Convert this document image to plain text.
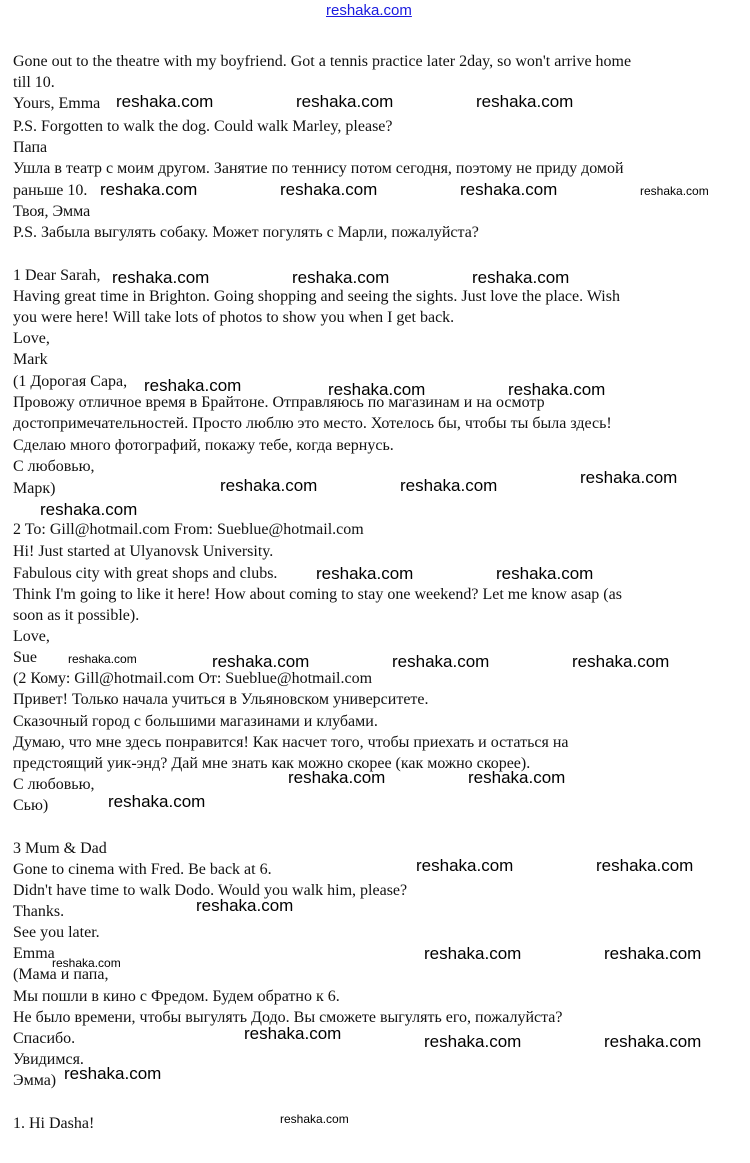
reshaka.com
Gone out to the theatre with my boyfriend. Got a tennis practice later 2day, so won't arrive home
till 10.
Yours, Emma
P.S. Forgotten to walk the dog. Could walk Marley, please?
Папа
Ушла в театр с моим другом. Занятие по теннису потом сегодня, поэтому не приду домой
раньше 10.
Твоя, Эмма
P.S. Забыла выгулять собаку. Может погулять с Марли, пожалуйста?
1 Dear Sarah,
Having great time in Brighton. Going shopping and seeing the sights. Just love the place. Wish
you were here! Will take lots of photos to show you when I get back.
Love,
Mark
(1 Дорогая Сара,
Провожу отличное время в Брайтоне. Отправляюсь по магазинам и на осмотр
достопримечательностей. Просто люблю это место. Хотелось бы, чтобы ты была здесь!
Сделаю много фотографий, покажу тебе, когда вернусь.
С любовью,
Марк)
2 To: Gill@hotmail.com From: Sueblue@hotmail.com
Hi! Just started at Ulyanovsk University.
Fabulous city with great shops and clubs.
Think I'm going to like it here! How about coming to stay one weekend? Let me know asap (as
soon as it possible).
Love,
Sue
(2 Кому: Gill@hotmail.com От: Sueblue@hotmail.com
Привет! Только начала учиться в Ульяновском университете.
Сказочный город с большими магазинами и клубами.
Думаю, что мне здесь понравится! Как насчет того, чтобы приехать и остаться на
предстоящий уик-энд? Дай мне знать как можно скорее (как можно скорее).
С любовью,
Сью)
3 Mum & Dad
Gone to cinema with Fred. Be back at 6.
Didn't have time to walk Dodo. Would you walk him, please?
Thanks.
See you later.
Emma
(Мама и папа,
Мы пошли в кино с Фредом. Будем обратно к 6.
Не было времени, чтобы выгулять Додо. Вы сможете выгулять его, пожалуйста?
Спасибо.
Увидимся.
Эмма)
1. Hi Dasha!
reshaka.com	reshaka.com	reshaka.com
reshaka.com	reshaka.com	reshaka.com	reshaka.com
reshaka.com	reshaka.com	reshaka.com
reshaka.com	reshaka.com	reshaka.com
reshaka.com	reshaka.com	reshaka.com
reshaka.com
reshaka.com	reshaka.com
reshaka.com	reshaka.com	reshaka.com	reshaka.com
reshaka.com	reshaka.com
reshaka.com
reshaka.com	reshaka.com
reshaka.com
reshaka.com	reshaka.com
reshaka.com
reshaka.com	reshaka.com	reshaka.com
reshaka.com
reshaka.com
